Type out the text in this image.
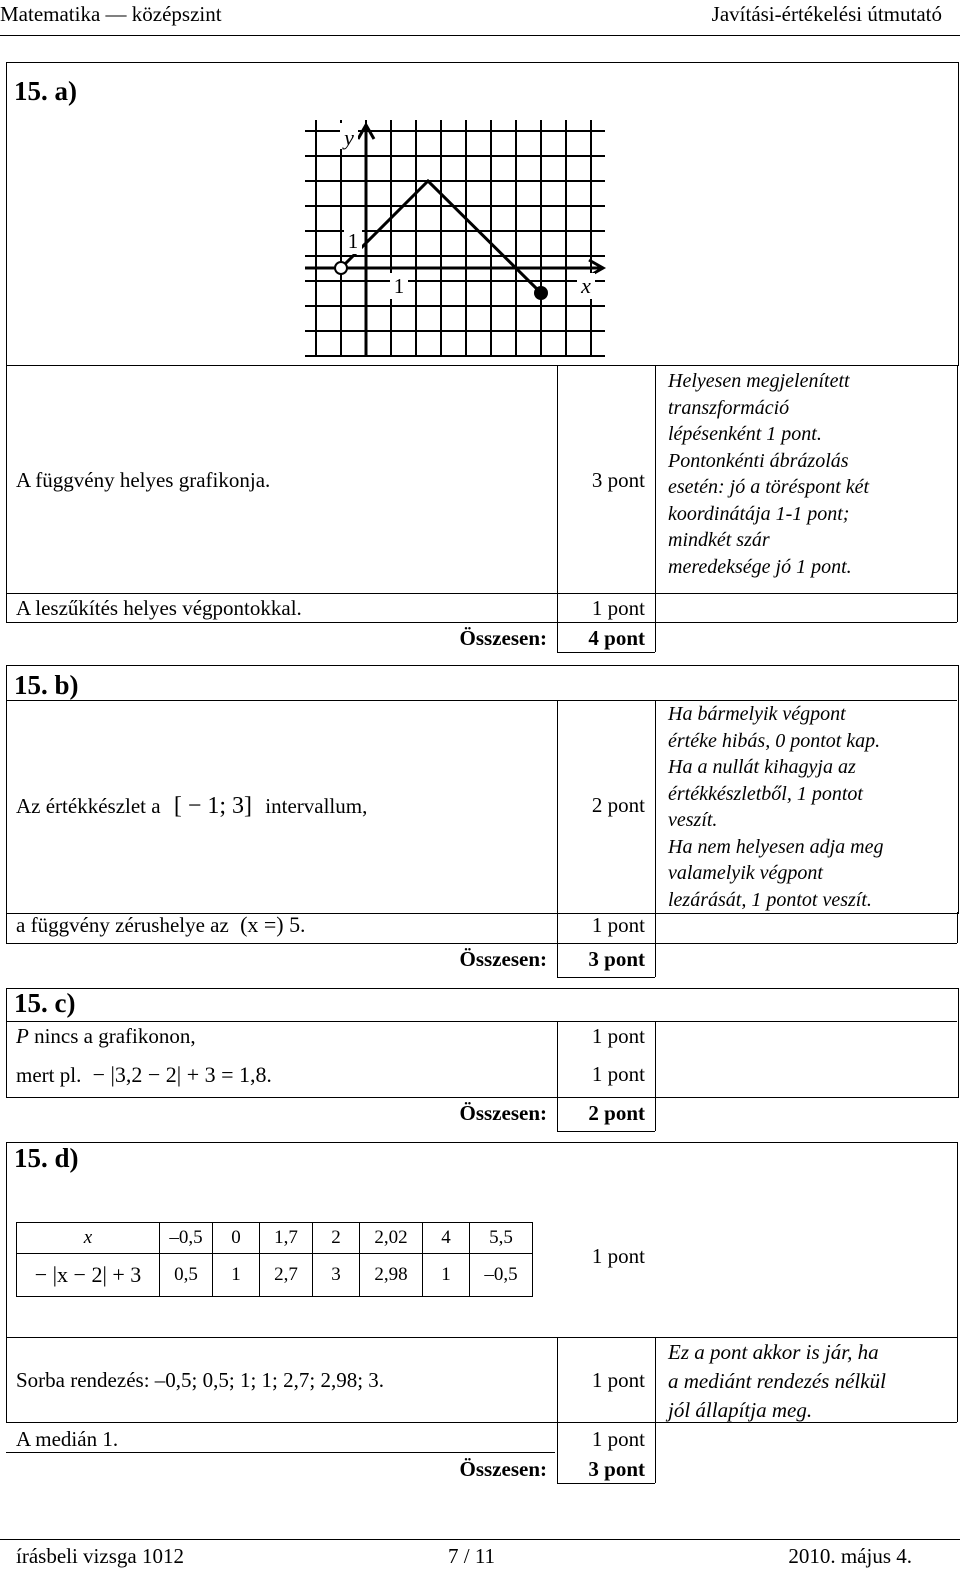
Matematika — középszint	Javítási-értékelési útmutató
15. a)
y
1
1	x
A függvény helyes grafikonja.	3 pont
Helyesen megjelenített
transzformáció
lépésenként 1 pont.
Pontonkénti ábrázolás
esetén: jó a töréspont két
koordinátája 1-1 pont;
mindkét szár
meredeksége jó 1 pont.
A leszűkítés helyes végpontokkal.	1 pont
Összesen:	4 pont
15. b)
Az értékkészlet a [ − 1; 3] intervallum,	2 pont
Ha bármelyik végpont
értéke hibás, 0 pontot kap.
Ha a nullát kihagyja az
értékkészletből, 1 pontot
veszít.
Ha nem helyesen adja meg
valamelyik végpont
lezárását, 1 pontot veszít.
a függvény zérushelye az (x =) 5.	1 pont
Összesen:	3 pont
15. c)
P nincs a grafikonon,	1 pont
mert pl. − |3,2 − 2| + 3 = 1,8.	1 pont
Összesen:	2 pont
15. d)
x	–0,5	0	1,7	2	2,02	4	5,5
− |x − 2| + 3	0,5	1	2,7	3	2,98	1	–0,5
1 pont
Sorba rendezés: –0,5; 0,5; 1; 1; 2,7; 2,98; 3.	1 pont
Ez a pont akkor is jár, ha
a mediánt rendezés nélkül
jól állapítja meg.
A medián 1.	1 pont
Összesen:	3 pont
írásbeli vizsga 1012	7 / 11	2010. május 4.
